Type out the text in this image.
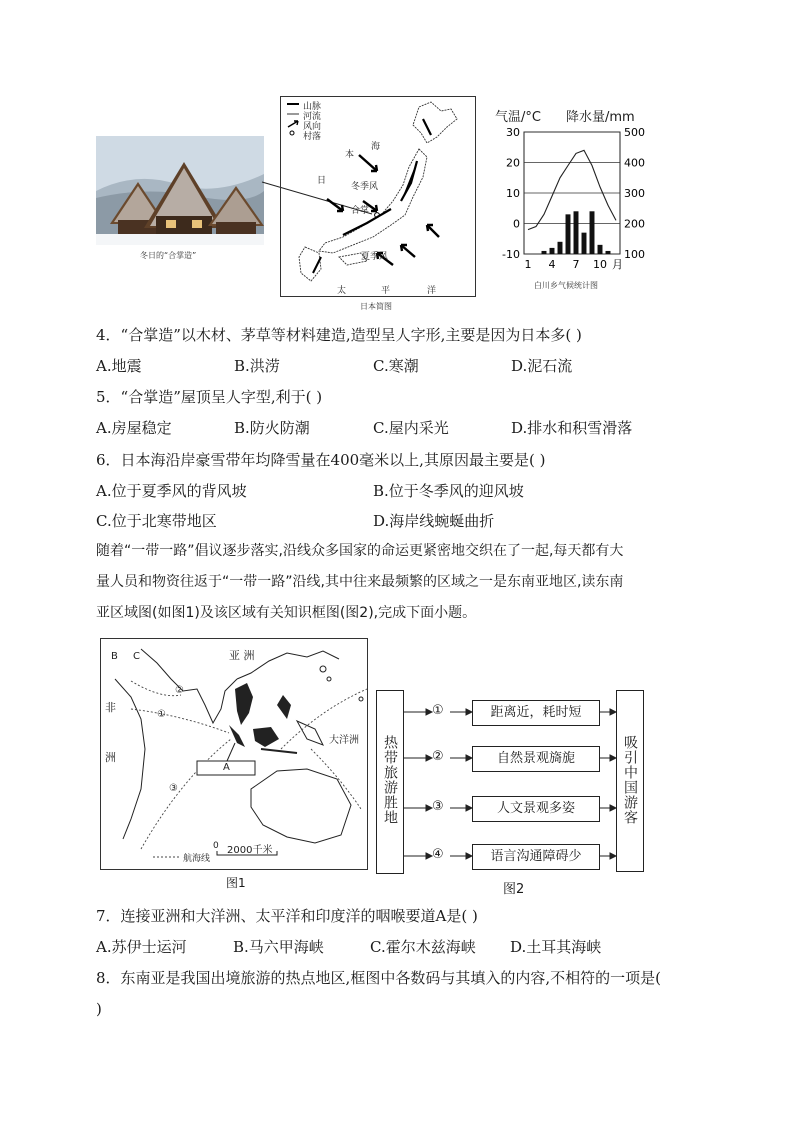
冬日的“合掌造”
山脉
河流
风向
村落
海
本
日
冬季风
合掌
夏季风
太	平	洋
日本简图
气温/°C 降水量/mm
30	500
20	400
10	300
0	200
-10	100
1 4 7 10 月
白川乡气候统计图
4．“合掌造”以木材、茅草等材料建造,造型呈人字形,主要是因为日本多( )
A.地震	B.洪涝	C.寒潮	D.泥石流
5．“合掌造”屋顶呈人字型,利于( )
A.房屋稳定	B.防火防潮	C.屋内采光	D.排水和积雪滑落
6．日本海沿岸豪雪带年均降雪量在400毫米以上,其原因最主要是( )
A.位于夏季风的背风坡	B.位于冬季风的迎风坡
C.位于北寒带地区	D.海岸线蜿蜒曲折
随着“一带一路”倡议逐步落实,沿线众多国家的命运更紧密地交织在了一起,每天都有大
量人员和物资往返于“一带一路”沿线,其中往来最频繁的区域之一是东南亚地区,读东南
亚区域图(如图1)及该区域有关知识框图(图2),完成下面小题。
B C	亚 洲
非
洲
大洋洲
A
②
①
③
航海线
0 2000千米
图1
热带旅游胜地	吸引中国游客
①
②
③
④
距离近，耗时短
自然景观旖旎
人文景观多姿
语言沟通障碍少
图2
7．连接亚洲和大洋洲、太平洋和印度洋的咽喉要道A是( )
A.苏伊士运河	B.马六甲海峡	C.霍尔木兹海峡 D.土耳其海峡
8．东南亚是我国出境旅游的热点地区,框图中各数码与其填入的内容,不相符的一项是(
)
